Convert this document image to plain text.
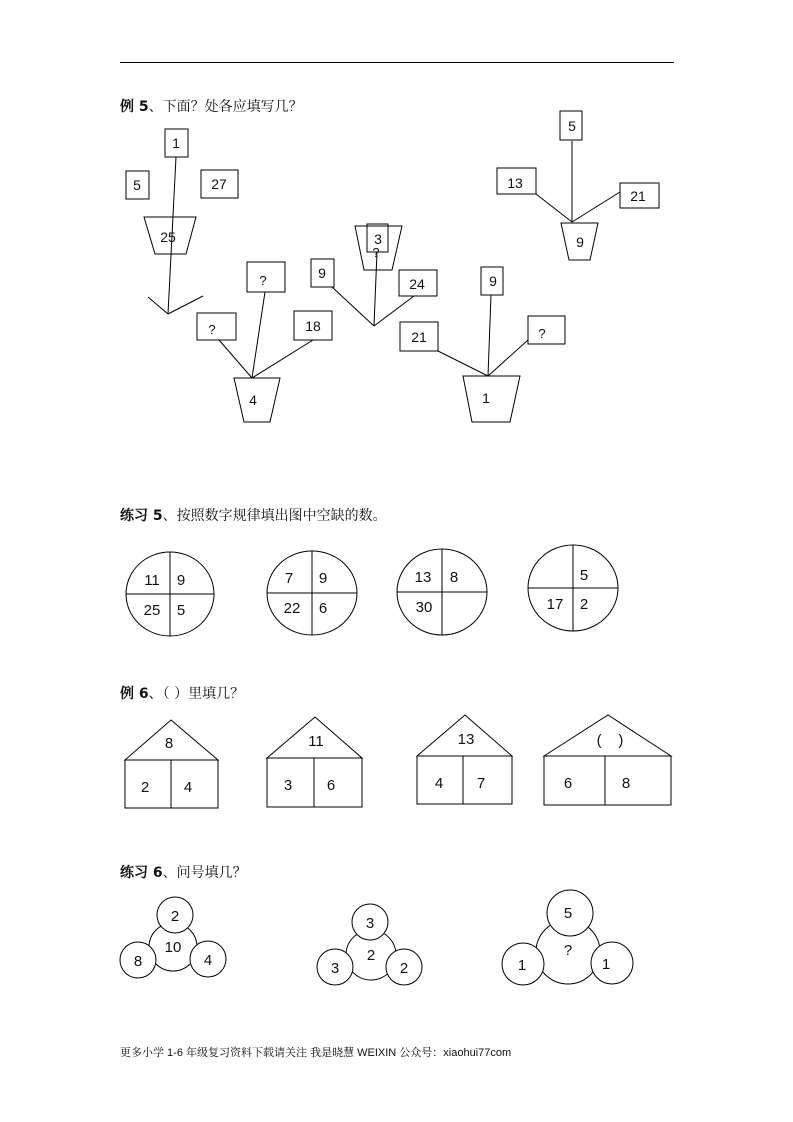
例 5、下面？处各应填写几？
练习 5、按照数字规律填出图中空缺的数。
例 6、（ ）里填几？
练习 6、问号填几？
1
5	27
25	3
9
24
?
5
13
21
9
?
?	18
4
9
21	?
1
11 9
25 5
7 9
22 6
13 8
30
5
17 2
8
2 4
11
3 6
13
4 7
(    )
6	8
2
10
8	4
3
2
3	2
5
?
1	1
更多小学 1-6 年级复习资料下载请关注 我是晓慧 WEIXIN 公众号：xiaohui77com
